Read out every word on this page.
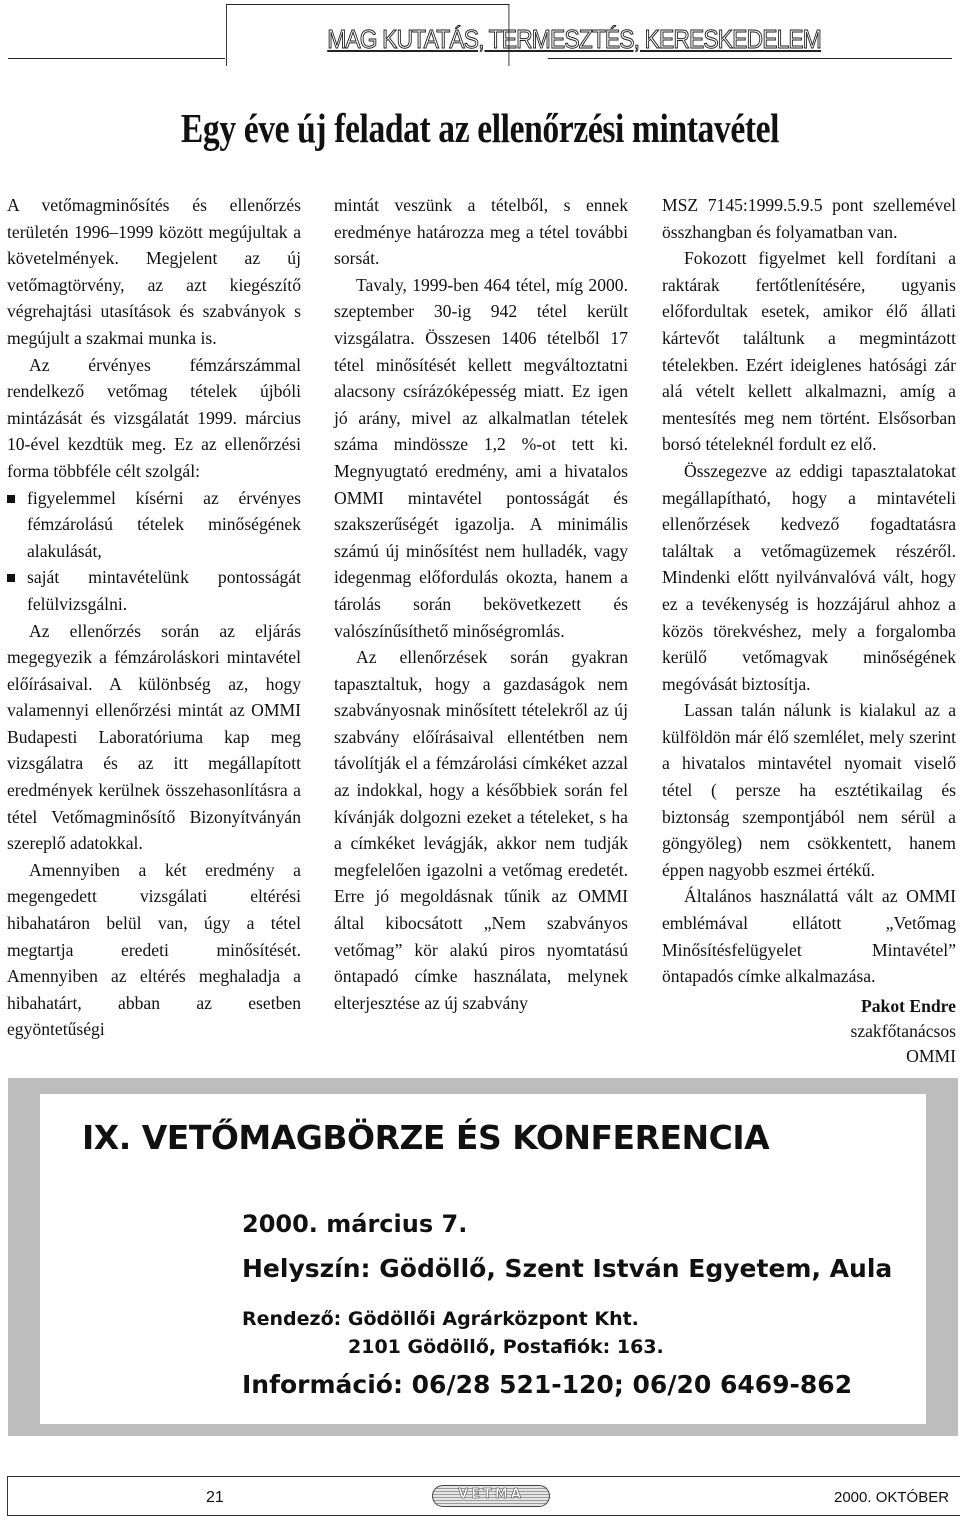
MAG KUTATÁS, TERMESZTÉS, KERESKEDELEM
Egy éve új feladat az ellenőrzési mintavétel

A vetőmagminősítés és ellenőrzés területén 1996–1999 között megújultak a követelmények. Megjelent az új vetőmagtörvény, az azt kiegészítő végrehajtási utasítások és szabványok s megújult a szakmai munka is.

Az érvényes fémzárszámmal rendelkező vetőmag tételek újbóli mintázását és vizsgálatát 1999. március 10-ével kezdtük meg. Ez az ellenőrzési forma többféle célt szolgál:

figyelemmel kísérni az érvényes fémzárolású tételek minőségének alakulását,
saját mintavételünk pontosságát felülvizsgálni.

Az ellenőrzés során az eljárás megegyezik a fémzároláskori mintavétel előírásaival. A különbség az, hogy valamennyi ellenőrzési mintát az OMMI Budapesti Laboratóriuma kap meg vizsgálatra és az itt megállapított eredmények kerülnek összehasonlításra a tétel Vetőmagminősítő Bizonyítványán szereplő adatokkal.

Amennyiben a két eredmény a megengedett vizsgálati eltérési hibahatáron belül van, úgy a tétel megtartja eredeti minősítését. Amennyiben az eltérés meghaladja a hibahatárt, abban az esetben egyöntetűségi

mintát veszünk a tételből, s ennek eredménye határozza meg a tétel további sorsát.

Tavaly, 1999-ben 464 tétel, míg 2000. szeptember 30-ig 942 tétel került vizsgálatra. Összesen 1406 tételből 17 tétel minősítését kellett megváltoztatni alacsony csírázóképesség miatt. Ez igen jó arány, mivel az alkalmatlan tételek száma mindössze 1,2 %-ot tett ki. Megnyugtató eredmény, ami a hivatalos OMMI mintavétel pontosságát és szakszerűségét igazolja. A minimális számú új minősítést nem hulladék, vagy idegenmag előfordulás okozta, hanem a tárolás során bekövetkezett és valószínűsíthető minőségromlás.

Az ellenőrzések során gyakran tapasztaltuk, hogy a gazdaságok nem szabványosnak minősített tételekről az új szabvány előírásaival ellentétben nem távolítják el a fémzárolási címkéket azzal az indokkal, hogy a későbbiek során fel kívánják dolgozni ezeket a tételeket, s ha a címkéket levágják, akkor nem tudják megfelelően igazolni a vetőmag eredetét. Erre jó megoldásnak tűnik az OMMI által kibocsátott „Nem szabványos vetőmag” kör alakú piros nyomtatású öntapadó címke használata, melynek elterjesztése az új szabvány

MSZ 7145:1999.5.9.5 pont szellemével összhangban és folyamatban van.

Fokozott figyelmet kell fordítani a raktárak fertőtlenítésére, ugyanis előfordultak esetek, amikor élő állati kártevőt találtunk a megmintázott tételekben. Ezért ideiglenes hatósági zár alá vételt kellett alkalmazni, amíg a mentesítés meg nem történt. Elsősorban borsó tételeknél fordult ez elő.

Összegezve az eddigi tapasztalatokat megállapítható, hogy a mintavételi ellenőrzések kedvező fogadtatásra találtak a vetőmagüzemek részéről. Mindenki előtt nyilvánvalóvá vált, hogy ez a tevékenység is hozzájárul ahhoz a közös törekvéshez, mely a forgalomba kerülő vetőmagvak minőségének megóvását biztosítja.

Lassan talán nálunk is kialakul az a külföldön már élő szemlélet, mely szerint a hivatalos mintavétel nyomait viselő tétel ( persze ha esztétikailag és biztonság szempontjából nem sérül a göngyöleg) nem csökkentett, hanem éppen nagyobb eszmei értékű.

Általános használattá vált az OMMI emblémával ellátott „Vetőmag Minősítésfelügyelet Mintavétel” öntapadós címke alkalmazása.

Pakot Endre
szakfőtanácsos
OMMI
IX. VETŐMAGBÖRZE ÉS KONFERENCIA
2000. március 7.
Helyszín: Gödöllő, Szent István Egyetem, Aula
Rendező: Gödöllői Agrárközpont Kht.
2101 Gödöllő, Postafiók: 163.
Információ: 06/28 521-120; 06/20 6469-862
21	VETMA	2000. OKTÓBER
